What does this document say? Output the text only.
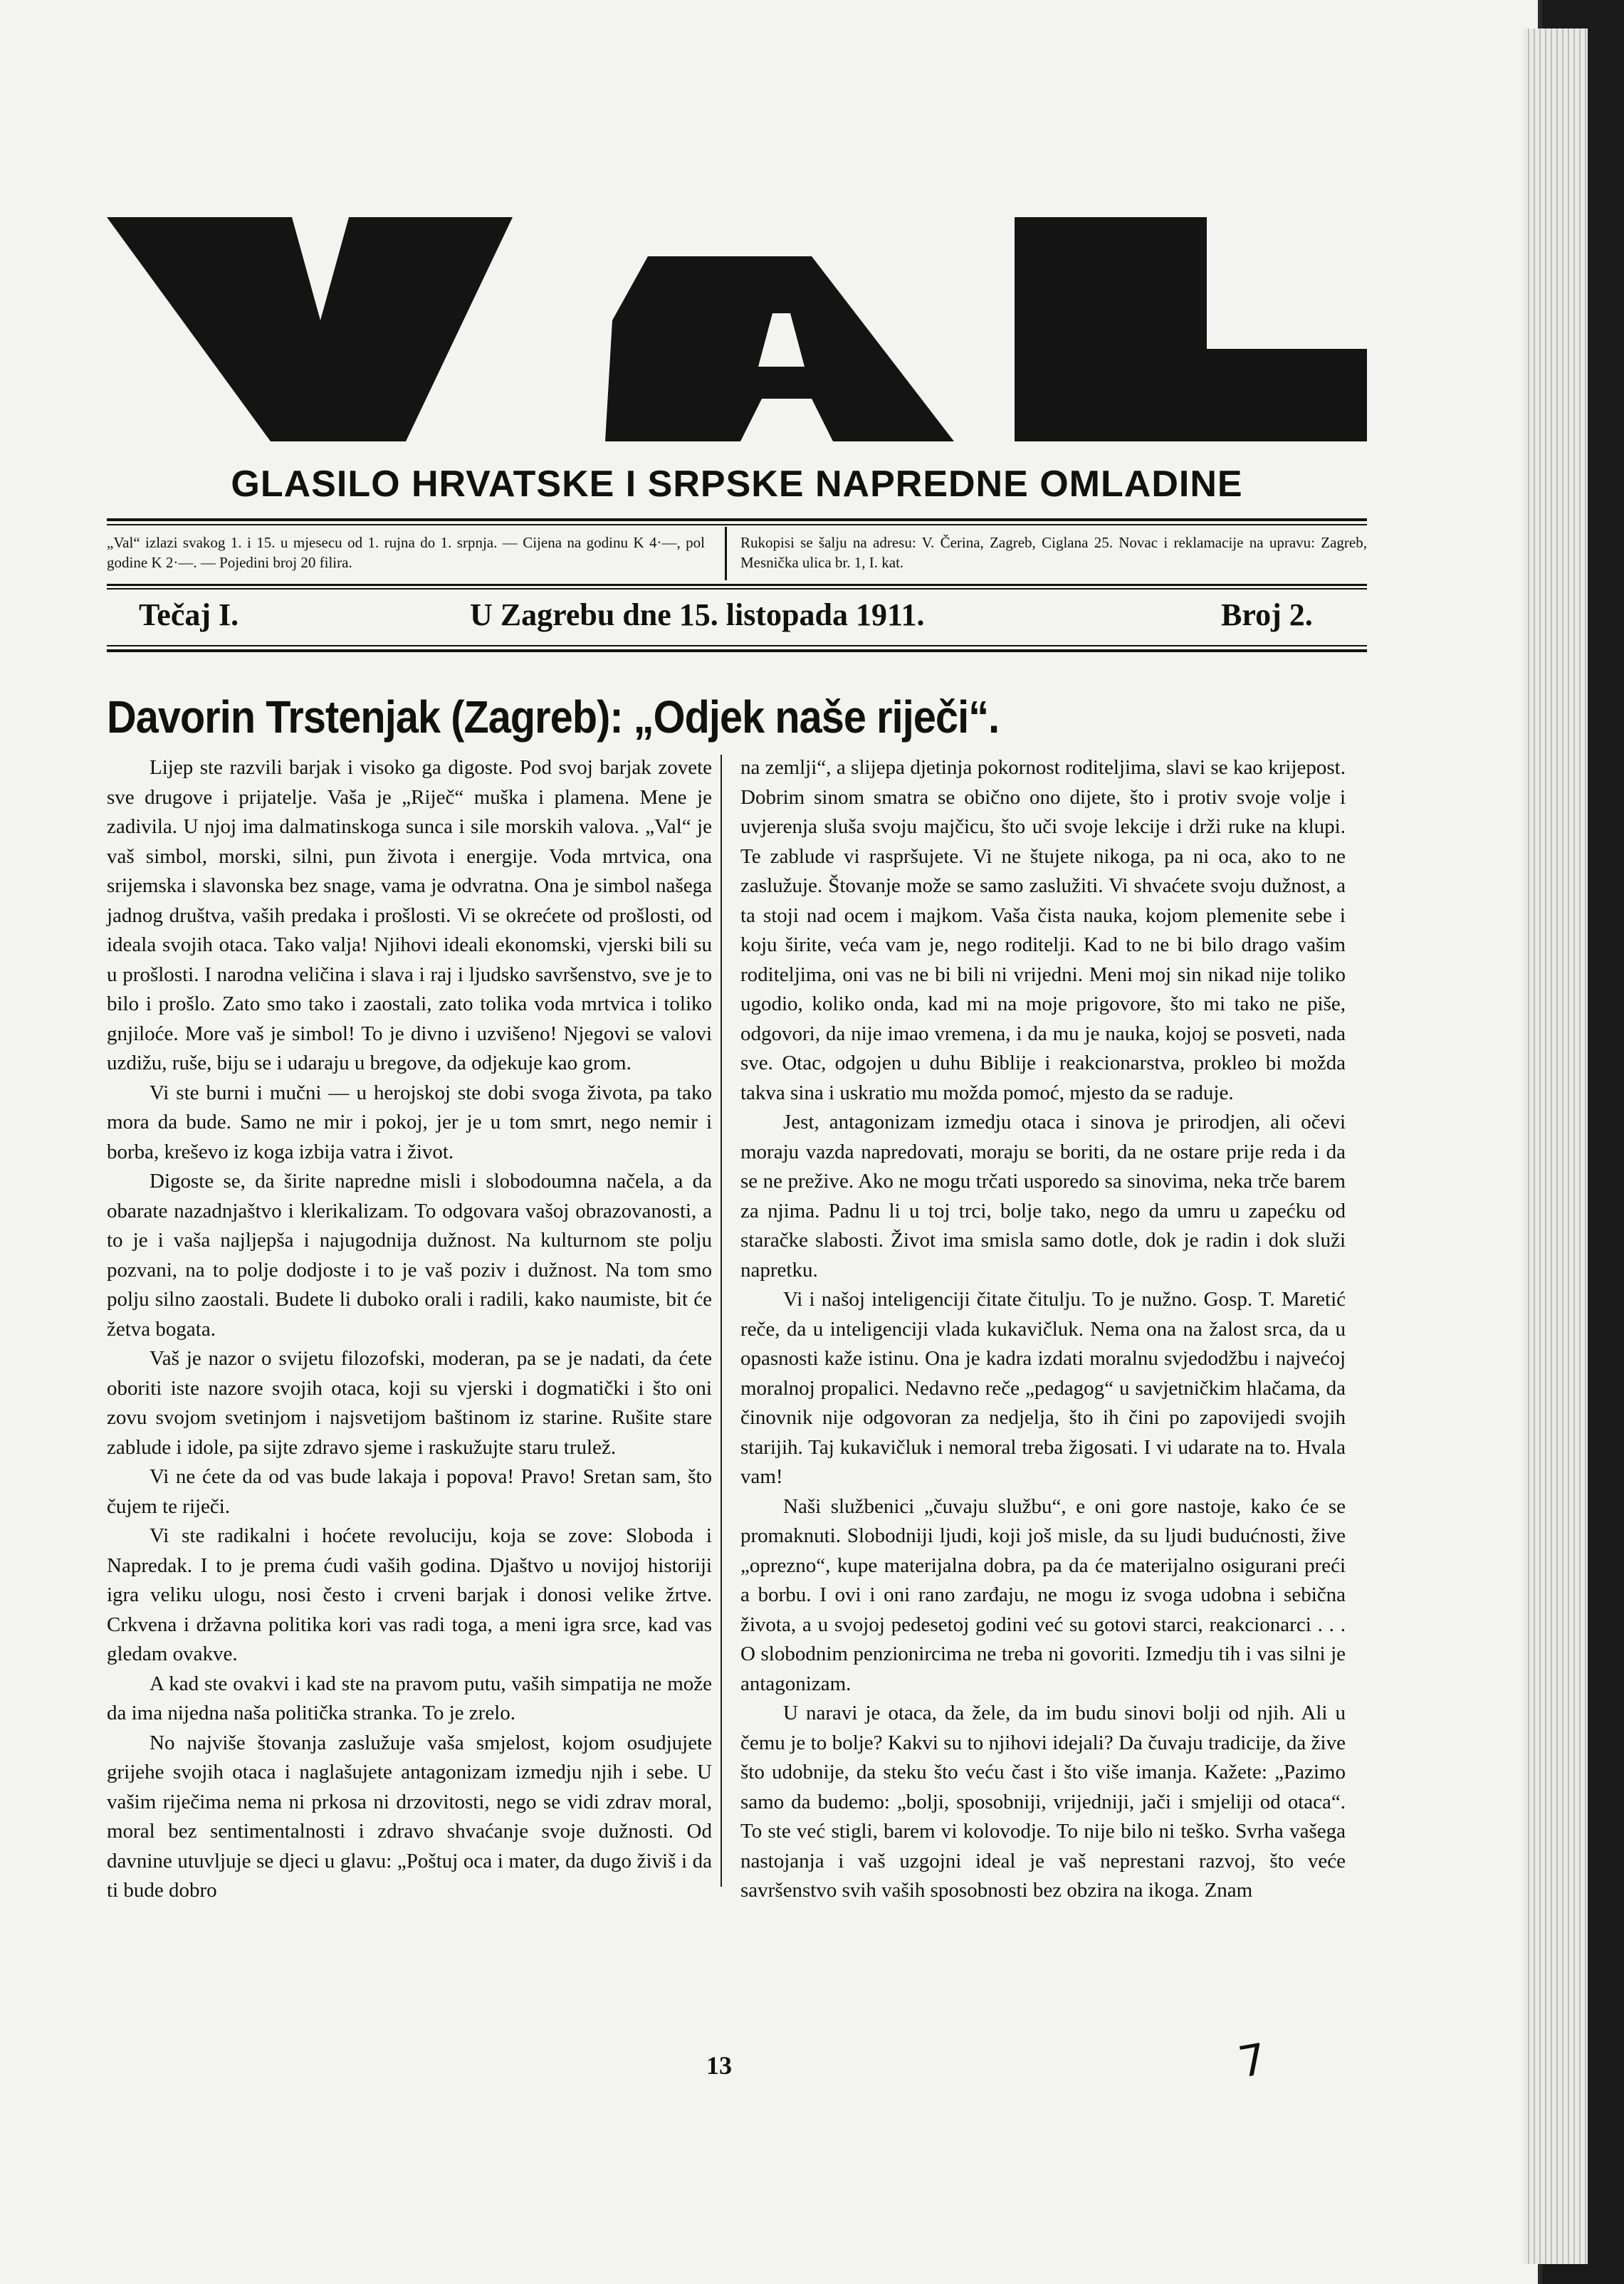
GLASILO HRVATSKE I SRPSKE NAPREDNE OMLADINE
„Val“ izlazi svakog 1. i 15. u mjesecu od 1. rujna do 1. srpnja. — Cijena na godinu K 4·—, pol godine K 2·—. — Pojedini broj 20 filira.
Rukopisi se šalju na adresu: V. Čerina, Zagreb, Ciglana 25. Novac i reklamacije na upravu: Zagreb, Mesnička ulica br. 1, I. kat.
Tečaj I.	U Zagrebu dne 15. listopada 1911.	Broj 2.
Davorin Trstenjak (Zagreb): „Odjek naše riječi“.

Lijep ste razvili barjak i visoko ga digoste. Pod svoj barjak zovete sve drugove i prijatelje. Vaša je „Riječ“ muška i plamena. Mene je zadivila. U njoj ima dalmatinskoga sunca i sile morskih valova. „Val“ je vaš simbol, morski, silni, pun života i energije. Voda mrtvica, ona srijemska i slavonska bez snage, vama je odvratna. Ona je simbol našega jadnog društva, vaših predaka i prošlosti. Vi se okrećete od prošlosti, od ideala svojih otaca. Tako valja! Njihovi ideali ekonomski, vjerski bili su u prošlosti. I narodna veličina i slava i raj i ljudsko savršenstvo, sve je to bilo i prošlo. Zato smo tako i zaostali, zato tolika voda mrtvica i toliko gnjiloće. More vaš je simbol! To je divno i uzvišeno! Njegovi se valovi uzdižu, ruše, biju se i udaraju u bregove, da odjekuje kao grom.

Vi ste burni i mučni — u herojskoj ste dobi svoga života, pa tako mora da bude. Samo ne mir i pokoj, jer je u tom smrt, nego nemir i borba, kreševo iz koga izbija vatra i život.

Digoste se, da širite napredne misli i slobodoumna načela, a da obarate nazadnjaštvo i klerikalizam. To odgovara vašoj obrazovanosti, a to je i vaša najljepša i najugodnija dužnost. Na kulturnom ste polju pozvani, na to polje dodjoste i to je vaš poziv i dužnost. Na tom smo polju silno zaostali. Budete li duboko orali i radili, kako naumiste, bit će žetva bogata.

Vaš je nazor o svijetu filozofski, moderan, pa se je nadati, da ćete oboriti iste nazore svojih otaca, koji su vjerski i dogmatički i što oni zovu svojom svetinjom i najsvetijom baštinom iz starine. Rušite stare zablude i idole, pa sijte zdravo sjeme i raskužujte staru trulež.

Vi ne ćete da od vas bude lakaja i popova! Pravo! Sretan sam, što čujem te riječi.

Vi ste radikalni i hoćete revoluciju, koja se zove: Sloboda i Napredak. I to je prema ćudi vaših godina. Djaštvo u novijoj historiji igra veliku ulogu, nosi često i crveni barjak i donosi velike žrtve. Crkvena i državna politika kori vas radi toga, a meni igra srce, kad vas gledam ovakve.

A kad ste ovakvi i kad ste na pravom putu, vaših simpatija ne može da ima nijedna naša politička stranka. To je zrelo.

No najviše štovanja zaslužuje vaša smjelost, kojom osudjujete grijehe svojih otaca i naglašujete antagonizam izmedju njih i sebe. U vašim riječima nema ni prkosa ni drzovitosti, nego se vidi zdrav moral, moral bez sentimentalnosti i zdravo shvaćanje svoje dužnosti. Od davnine utuvljuje se djeci u glavu: „Poštuj oca i mater, da dugo živiš i da ti bude dobro

na zemlji“, a slijepa djetinja pokornost roditeljima, slavi se kao krijepost. Dobrim sinom smatra se obično ono dijete, što i protiv svoje volje i uvjerenja sluša svoju majčicu, što uči svoje lekcije i drži ruke na klupi. Te zablude vi raspršujete. Vi ne štujete nikoga, pa ni oca, ako to ne zaslužuje. Štovanje može se samo zaslužiti. Vi shvaćete svoju dužnost, a ta stoji nad ocem i majkom. Vaša čista nauka, kojom plemenite sebe i koju širite, veća vam je, nego roditelji. Kad to ne bi bilo drago vašim roditeljima, oni vas ne bi bili ni vrijedni. Meni moj sin nikad nije toliko ugodio, koliko onda, kad mi na moje prigovore, što mi tako ne piše, odgovori, da nije imao vremena, i da mu je nauka, kojoj se posveti, nada sve. Otac, odgojen u duhu Biblije i reakcionarstva, prokleo bi možda takva sina i uskratio mu možda pomoć, mjesto da se raduje.

Jest, antagonizam izmedju otaca i sinova je prirodjen, ali očevi moraju vazda napredovati, moraju se boriti, da ne ostare prije reda i da se ne prežive. Ako ne mogu trčati usporedo sa sinovima, neka trče barem za njima. Padnu li u toj trci, bolje tako, nego da umru u zapećku od staračke slabosti. Život ima smisla samo dotle, dok je radin i dok služi napretku.

Vi i našoj inteligenciji čitate čitulju. To je nužno. Gosp. T. Maretić reče, da u inteligenciji vlada kukavičluk. Nema ona na žalost srca, da u opasnosti kaže istinu. Ona je kadra izdati moralnu svjedodžbu i najvećoj moralnoj propalici. Nedavno reče „pedagog“ u savjetničkim hlačama, da činovnik nije odgovoran za nedjelja, što ih čini po zapovijedi svojih starijih. Taj kukavičluk i nemoral treba žigosati. I vi udarate na to. Hvala vam!

Naši službenici „čuvaju službu“, e oni gore nastoje, kako će se promaknuti. Slobodniji ljudi, koji još misle, da su ljudi budućnosti, žive „oprezno“, kupe materijalna dobra, pa da će materijalno osigurani preći a borbu. I ovi i oni rano zarđaju, ne mogu iz svoga udobna i sebična života, a u svojoj pedesetoj godini već su gotovi starci, reakcionarci . . . O slobodnim penzionircima ne treba ni govoriti. Izmedju tih i vas silni je antagonizam.

U naravi je otaca, da žele, da im budu sinovi bolji od njih. Ali u čemu je to bolje? Kakvi su to njihovi idejali? Da čuvaju tradicije, da žive što udobnije, da stеku što veću čast i što više imanja. Kažete: „Pazimo samo da budemo: „bolji, sposobniji, vrijedniji, jači i smjeliji od otaca“. To ste već stigli, barem vi kolovodje. To nije bilo ni teško. Svrha vašega nastojanja i vaš uzgojni ideal je vaš neprestani razvoj, što veće savršenstvo svih vaših sposobnosti bez obzira na ikoga. Znam

13	7
